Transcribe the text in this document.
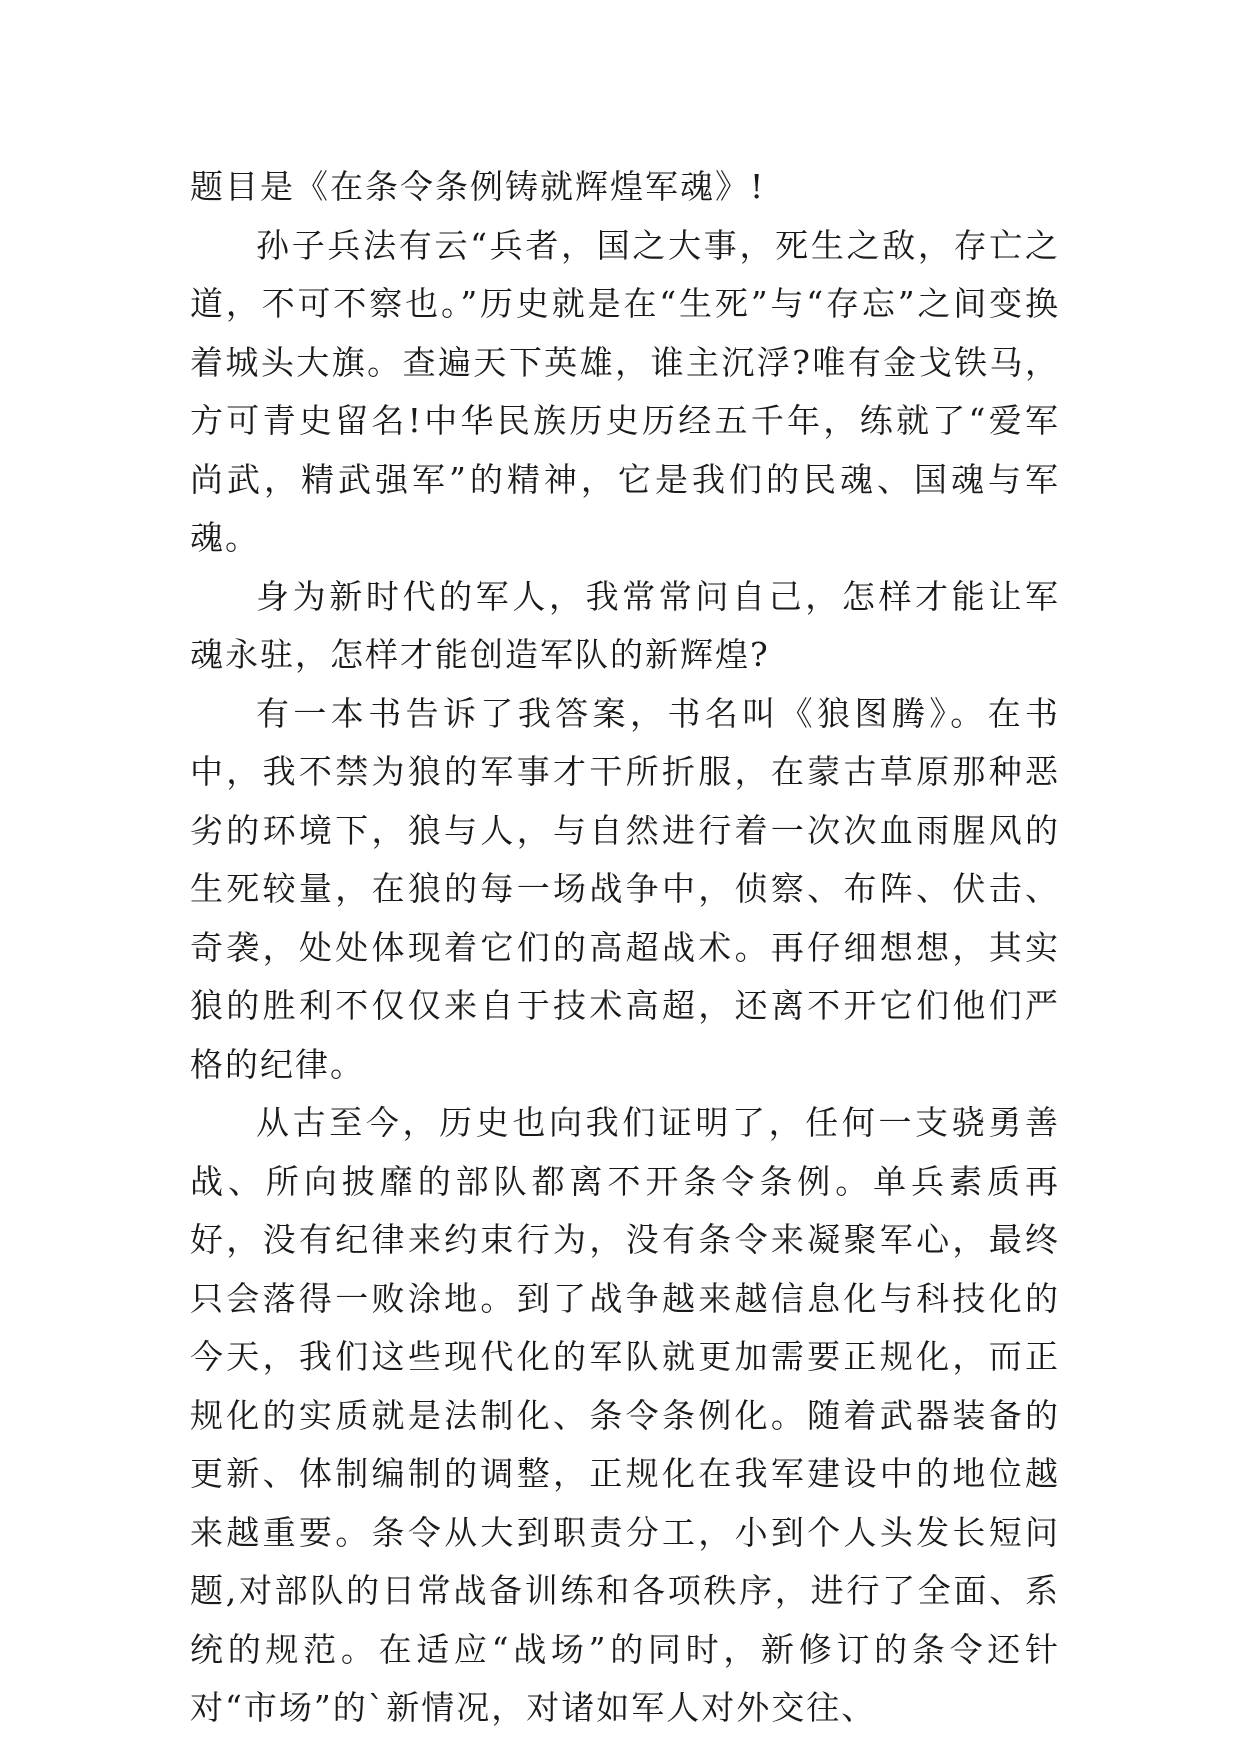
题目是《在条令条例铸就辉煌军魂》!

孙子兵法有云“兵者，国之大事，死生之敌，存亡之道，不可不察也。”历史就是在“生死”与“存忘”之间变换着城头大旗。查遍天下英雄，谁主沉浮?唯有金戈铁马，方可青史留名!中华民族历史历经五千年，练就了“爱军尚武，精武强军”的精神，它是我们的民魂、国魂与军魂。

身为新时代的军人，我常常问自己，怎样才能让军魂永驻，怎样才能创造军队的新辉煌?

有一本书告诉了我答案，书名叫《狼图腾》。在书中，我不禁为狼的军事才干所折服，在蒙古草原那种恶劣的环境下，狼与人，与自然进行着一次次血雨腥风的生死较量，在狼的每一场战争中，侦察、布阵、伏击、奇袭，处处体现着它们的高超战术。再仔细想想，其实狼的胜利不仅仅来自于技术高超，还离不开它们他们严格的纪律。

从古至今，历史也向我们证明了，任何一支骁勇善战、所向披靡的部队都离不开条令条例。单兵素质再好，没有纪律来约束行为，没有条令来凝聚军心，最终只会落得一败涂地。到了战争越来越信息化与科技化的今天，我们这些现代化的军队就更加需要正规化，而正规化的实质就是法制化、条令条例化。随着武器装备的更新、体制编制的调整，正规化在我军建设中的地位越来越重要。条令从大到职责分工，小到个人头发长短问题,对部队的日常战备训练和各项秩序，进行了全面、系统的规范。在适应“战场”的同时，新修订的条令还针对“市场”的`新情况，对诸如军人对外交往、
